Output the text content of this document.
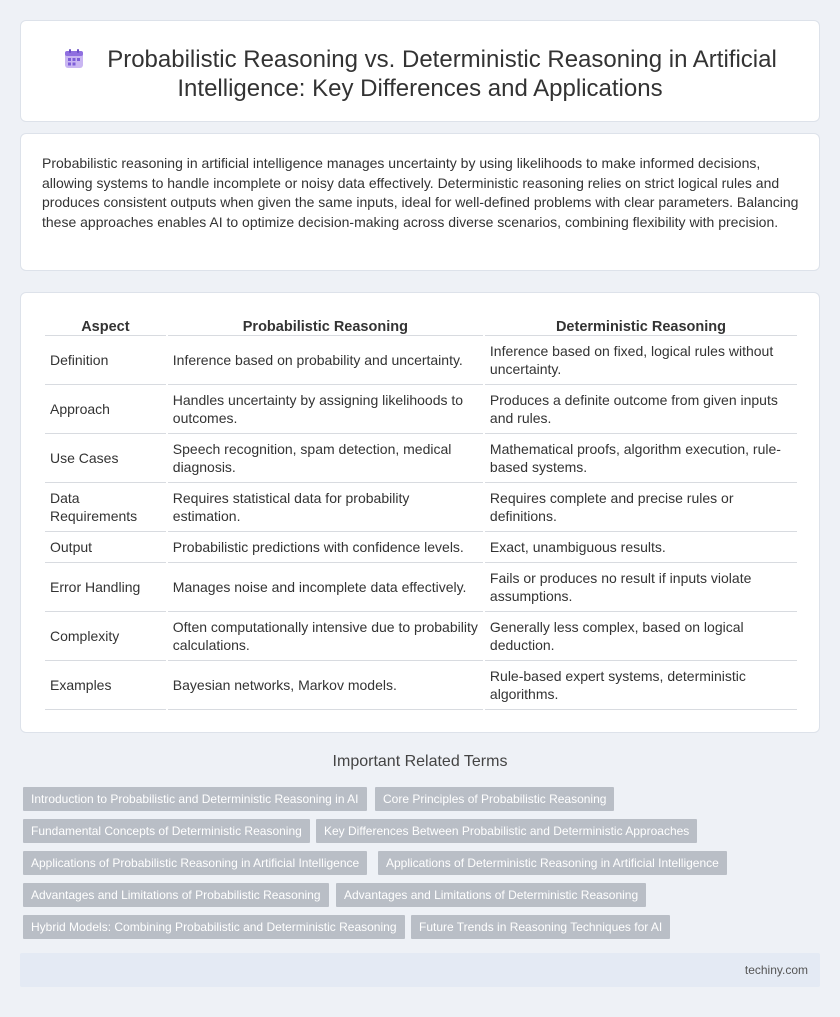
Probabilistic Reasoning vs. Deterministic Reasoning in Artificial Intelligence: Key Differences and Applications

Probabilistic reasoning in artificial intelligence manages uncertainty by using likelihoods to make informed decisions, allowing systems to handle incomplete or noisy data effectively. Deterministic reasoning relies on strict logical rules and produces consistent outputs when given the same inputs, ideal for well-defined problems with clear parameters. Balancing these approaches enables AI to optimize decision-making across diverse scenarios, combining flexibility with precision.

Aspect	Probabilistic Reasoning	Deterministic Reasoning
Definition	Inference based on probability and uncertainty.	Inference based on fixed, logical rules without uncertainty.
Approach	Handles uncertainty by assigning likelihoods to outcomes.	Produces a definite outcome from given inputs and rules.
Use Cases	Speech recognition, spam detection, medical diagnosis.	Mathematical proofs, algorithm execution, rule-based systems.
Data Requirements	Requires statistical data for probability estimation.	Requires complete and precise rules or definitions.
Output	Probabilistic predictions with confidence levels.	Exact, unambiguous results.
Error Handling	Manages noise and incomplete data effectively.	Fails or produces no result if inputs violate assumptions.
Complexity	Often computationally intensive due to probability calculations.	Generally less complex, based on logical deduction.
Examples	Bayesian networks, Markov models.	Rule-based expert systems, deterministic algorithms.
Important Related Terms
Introduction to Probabilistic and Deterministic Reasoning in AI	Core Principles of Probabilistic Reasoning
Fundamental Concepts of Deterministic Reasoning	Key Differences Between Probabilistic and Deterministic Approaches
Applications of Probabilistic Reasoning in Artificial Intelligence	Applications of Deterministic Reasoning in Artificial Intelligence
Advantages and Limitations of Probabilistic Reasoning	Advantages and Limitations of Deterministic Reasoning
Hybrid Models: Combining Probabilistic and Deterministic Reasoning	Future Trends in Reasoning Techniques for AI
techiny.com
